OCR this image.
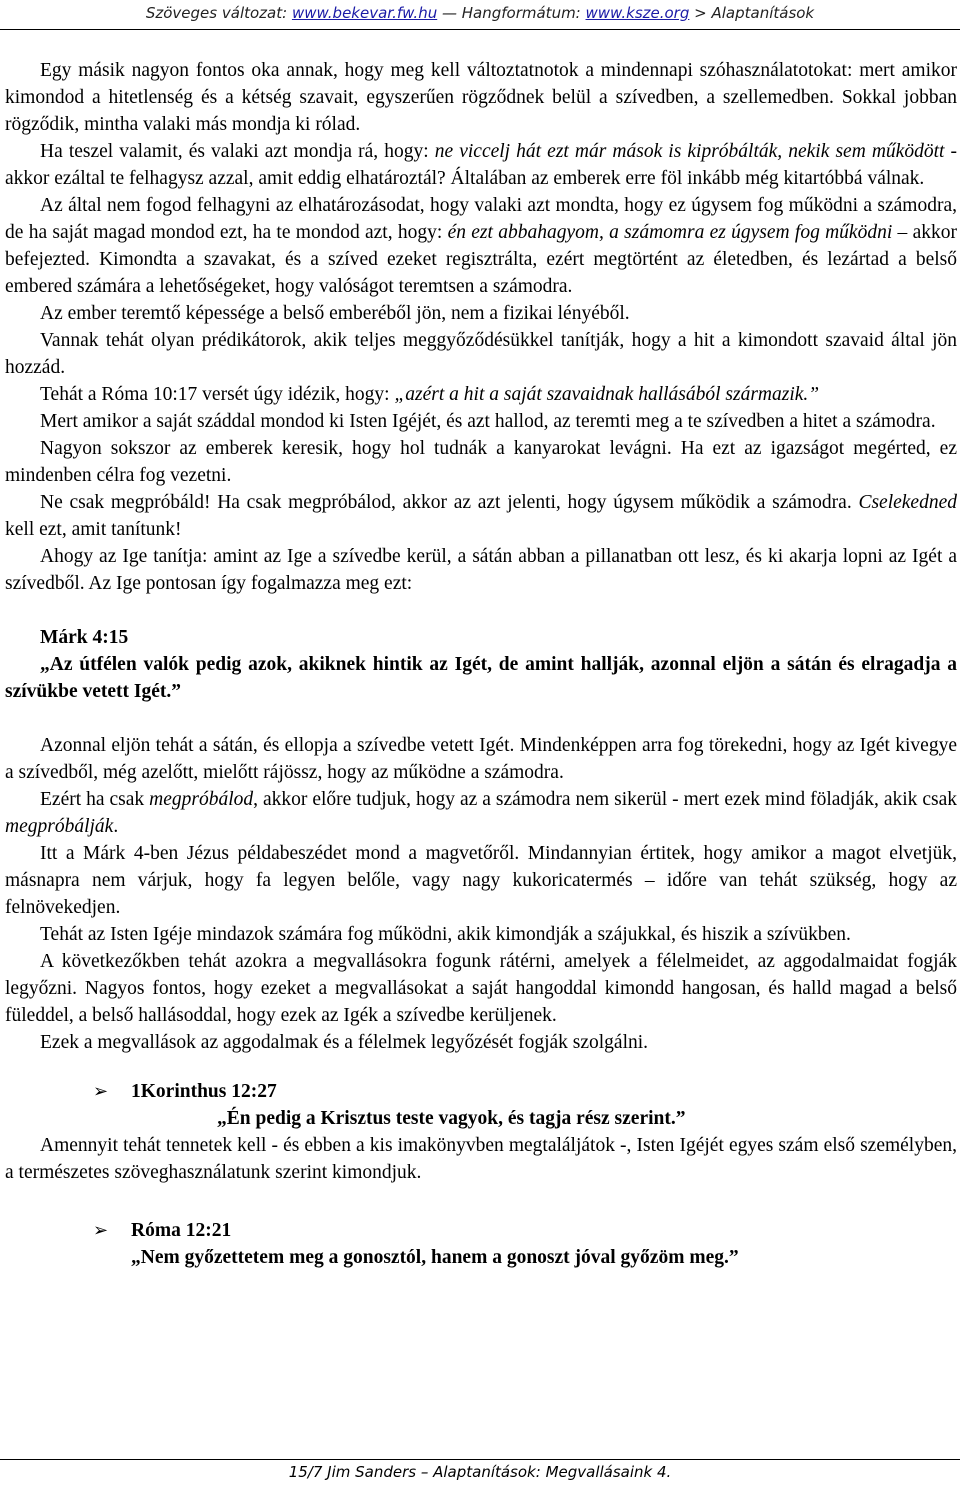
Szöveges változat: www.bekevar.fw.hu — Hangformátum: www.ksze.org > Alaptanítások

Egy másik nagyon fontos oka annak, hogy meg kell változtatnotok a mindennapi szóhasználatotokat: mert amikor kimondod a hitetlenség és a kétség szavait, egyszerűen rögződnek belül a szívedben, a szellemedben. Sokkal jobban rögződik, mintha valaki más mondja ki rólad.

Ha teszel valamit, és valaki azt mondja rá, hogy: ne viccelj hát ezt már mások is kipróbálták, nekik sem működött - akkor ezáltal te felhagysz azzal, amit eddig elhatároztál? Általában az emberek erre föl inkább még kitartóbbá válnak.

Az által nem fogod felhagyni az elhatározásodat, hogy valaki azt mondta, hogy ez úgysem fog működni a számodra, de ha saját magad mondod ezt, ha te mondod azt, hogy: én ezt abbahagyom, a számomra ez úgysem fog működni – akkor befejezted. Kimondta a szavakat, és a szíved ezeket regisztrálta, ezért megtörtént az életedben, és lezártad a belső embered számára a lehetőségeket, hogy valóságot teremtsen a számodra.

Az ember teremtő képessége a belső emberéből jön, nem a fizikai lényéből.

Vannak tehát olyan prédikátorok, akik teljes meggyőződésükkel tanítják, hogy a hit a kimondott szavaid által jön hozzád.

Tehát a Róma 10:17 versét úgy idézik, hogy: „azért a hit a saját szavaidnak hallásából származik.”

Mert amikor a saját száddal mondod ki Isten Igéjét, és azt hallod, az teremti meg a te szívedben a hitet a számodra.

Nagyon sokszor az emberek keresik, hogy hol tudnák a kanyarokat levágni. Ha ezt az igazságot megérted, ez mindenben célra fog vezetni.

Ne csak megpróbáld! Ha csak megpróbálod, akkor az azt jelenti, hogy úgysem működik a számodra. Cselekedned kell ezt, amit tanítunk!

Ahogy az Ige tanítja: amint az Ige a szívedbe kerül, a sátán abban a pillanatban ott lesz, és ki akarja lopni az Igét a szívedből. Az Ige pontosan így fogalmazza meg ezt:

Márk 4:15

„Az útfélen valók pedig azok, akiknek hintik az Igét, de amint hallják, azonnal eljön a sátán és elragadja a szívükbe vetett Igét.”

Azonnal eljön tehát a sátán, és ellopja a szívedbe vetett Igét. Mindenképpen arra fog törekedni, hogy az Igét kivegye a szívedből, még azelőtt, mielőtt rájössz, hogy az működne a számodra.

Ezért ha csak megpróbálod, akkor előre tudjuk, hogy az a számodra nem sikerül - mert ezek mind föladják, akik csak megpróbálják.

Itt a Márk 4-ben Jézus példabeszédet mond a magvetőről. Mindannyian értitek, hogy amikor a magot elvetjük, másnapra nem várjuk, hogy fa legyen belőle, vagy nagy kukoricatermés – időre van tehát szükség, hogy az felnövekedjen.

Tehát az Isten Igéje mindazok számára fog működni, akik kimondják a szájukkal, és hiszik a szívükben.

A következőkben tehát azokra a megvallásokra fogunk rátérni, amelyek a félelmeidet, az aggodalmaidat fogják legyőzni. Nagyos fontos, hogy ezeket a megvallásokat a saját hangoddal kimondd hangosan, és halld magad a belső füleddel, a belső hallásoddal, hogy ezek az Igék a szívedbe kerüljenek.

Ezek a megvallások az aggodalmak és a félelmek legyőzését fogják szolgálni.

➢	1Korinthus 12:27
„Én pedig a Krisztus teste vagyok, és tagja rész szerint.”

Amennyit tehát tennetek kell - és ebben a kis imakönyvben megtaláljátok -, Isten Igéjét egyes szám első személyben, a természetes szöveghasználatunk szerint kimondjuk.

➢	Róma 12:21
„Nem győzettetem meg a gonosztól, hanem a gonoszt jóval győzöm meg.”
15/7 Jim Sanders – Alaptanítások: Megvallásaink 4.
